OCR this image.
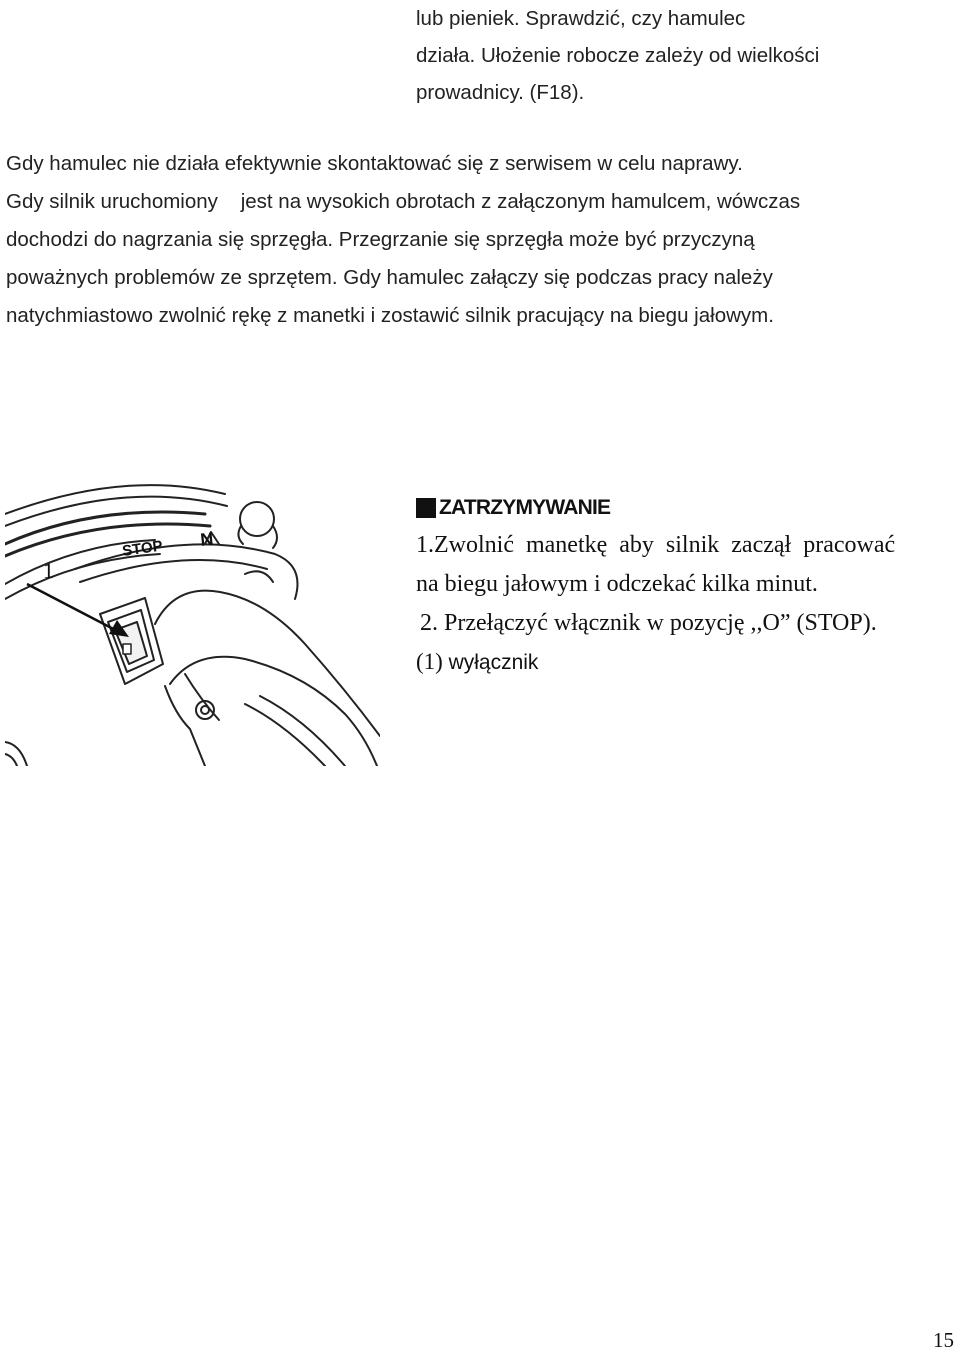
lub pieniek. Sprawdzić, czy hamulec
działa. Ułożenie robocze zależy od wielkości
prowadnicy. (F18).
Gdy hamulec nie działa efektywnie skontaktować się z serwisem w celu naprawy.
Gdy silnik uruchomiony    jest na wysokich obrotach z załączonym hamulcem, wówczas
dochodzi do nagrzania się sprzęgła. Przegrzanie się sprzęgła może być przyczyną
poważnych problemów ze sprzętem. Gdy hamulec załączy się podczas pracy należy
natychmiastowo zwolnić rękę z manetki i zostawić silnik pracujący na biegu jałowym.
1
STOP N
ZATRZYMYWANIE
1.Zwolnić  manetkę  aby  silnik  zaczął  pracować
na biegu jałowym i odczekać kilka minut.
2. Przełączyć włącznik w pozycję ,,O” (STOP).
(1) wyłącznik
15
